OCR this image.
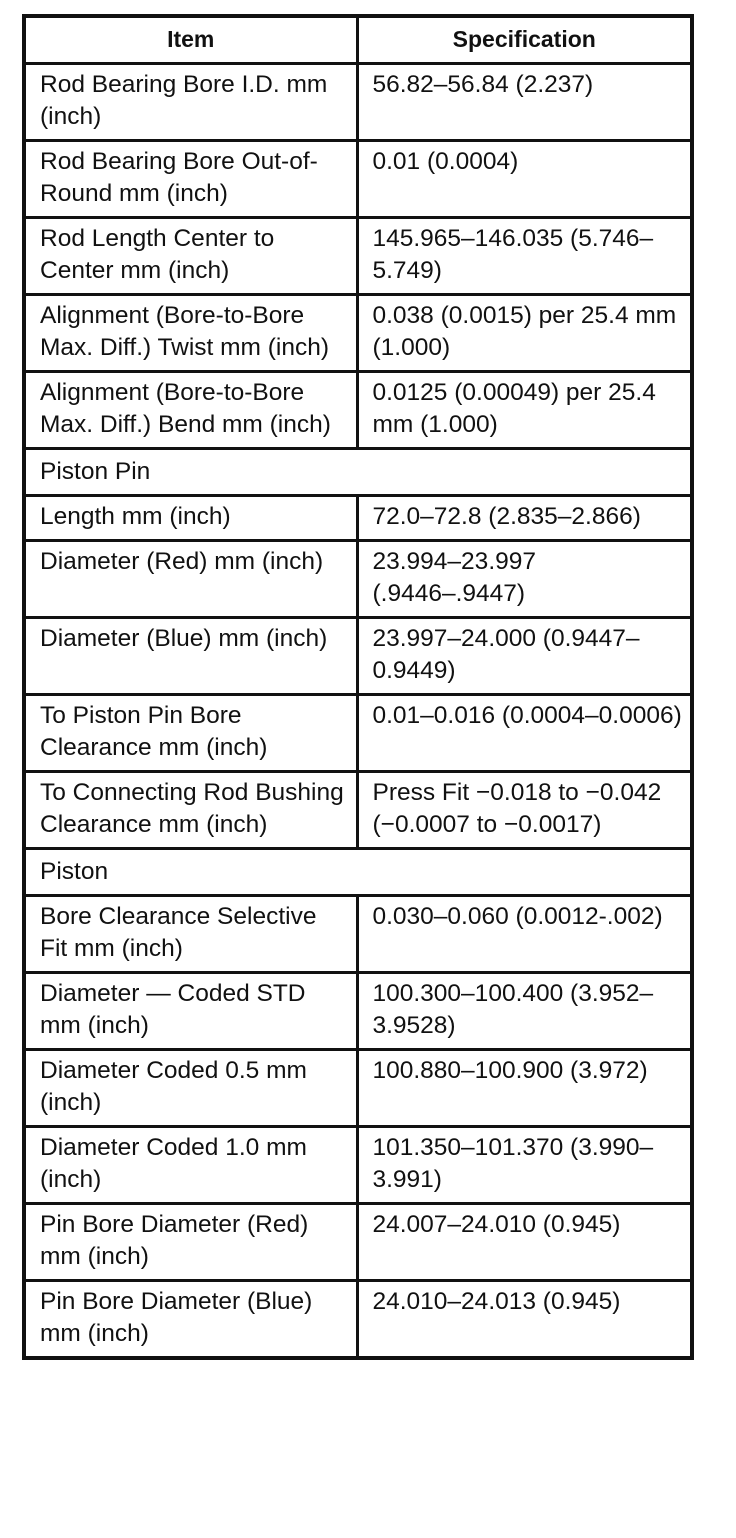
Item	Specification
Rod Bearing Bore I.D. mm (inch)	56.82–56.84 (2.237)
Rod Bearing Bore Out-of-Round mm (inch)	0.01 (0.0004)
Rod Length Center to Center mm (inch)	145.965–146.035 (5.746–5.749)
Alignment (Bore-to-Bore Max. Diff.) Twist mm (inch)	0.038 (0.0015) per 25.4 mm (1.000)
Alignment (Bore-to-Bore Max. Diff.) Bend mm (inch)	0.0125 (0.00049) per 25.4 mm (1.000)
Piston Pin	
Length mm (inch)	72.0–72.8 (2.835–2.866)
Diameter (Red) mm (inch)	23.994–23.997 (.9446–.9447)
Diameter (Blue) mm (inch)	23.997–24.000 (0.9447–0.9449)
To Piston Pin Bore Clearance mm (inch)	0.01–0.016 (0.0004–0.0006)
To Connecting Rod Bushing Clearance mm (inch)	Press Fit −0.018 to −0.042 (−0.0007 to −0.0017)
Piston	
Bore Clearance Selective Fit mm (inch)	0.030–0.060 (0.0012-.002)
Diameter — Coded STD mm (inch)	100.300–100.400 (3.952–3.9528)
Diameter Coded 0.5 mm (inch)	100.880–100.900 (3.972)
Diameter Coded 1.0 mm (inch)	101.350–101.370 (3.990–3.991)
Pin Bore Diameter (Red) mm (inch)	24.007–24.010 (0.945)
Pin Bore Diameter (Blue) mm (inch)	24.010–24.013 (0.945)
